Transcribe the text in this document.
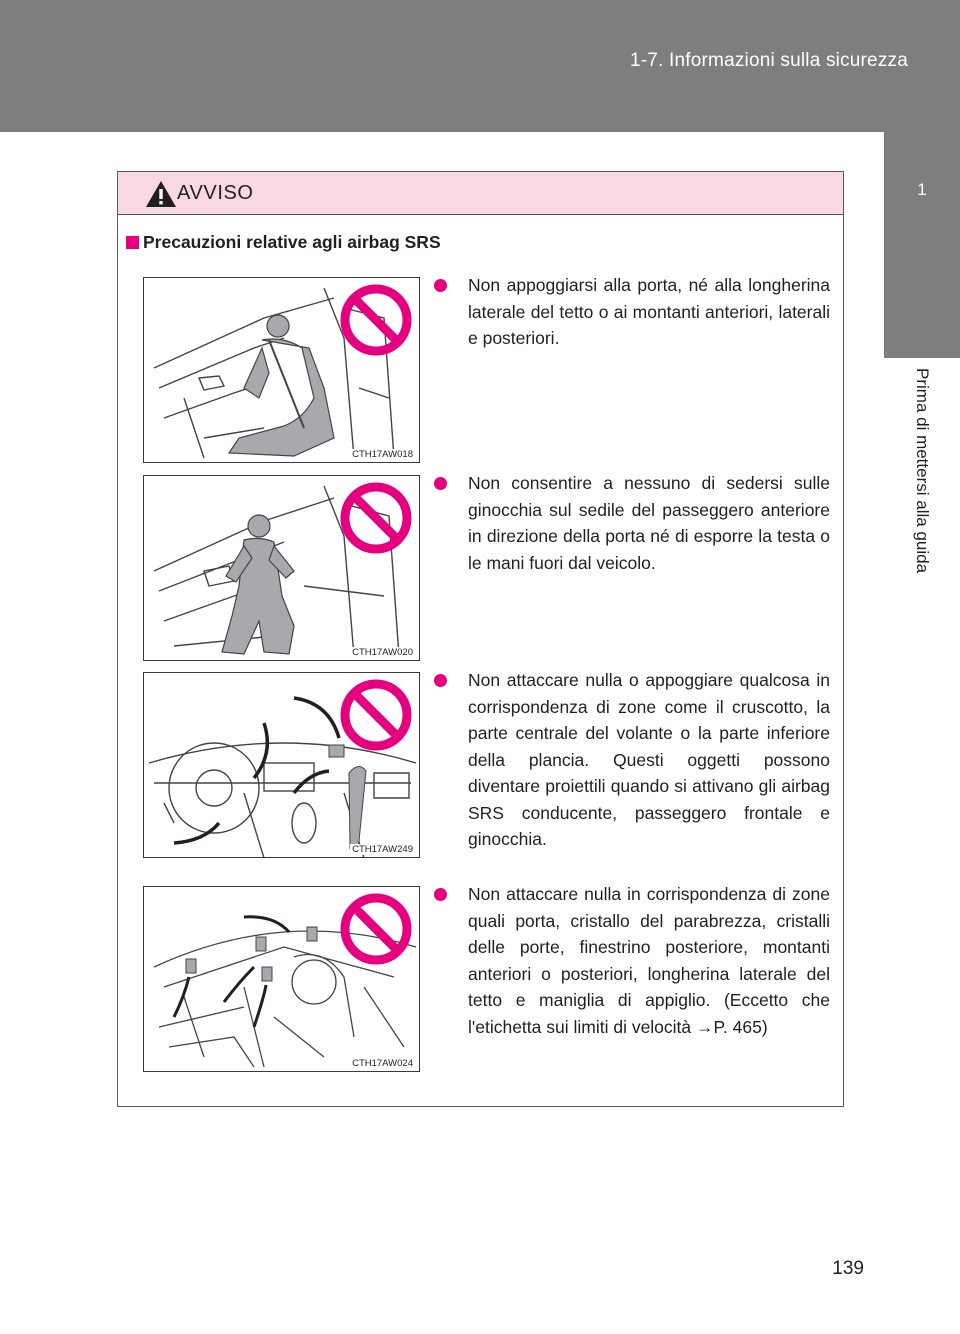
1-7. Informazioni sulla sicurezza
1
Prima di mettersi alla guida
AVVISO
Precauzioni relative agli airbag SRS
CTH17AW018

Non appoggiarsi alla porta, né alla longherina laterale del tetto o ai montanti anteriori, laterali e posteriori.

CTH17AW020

Non consentire a nessuno di sedersi sulle ginocchia sul sedile del passeggero anteriore in direzione della porta né di esporre la testa o le mani fuori dal veicolo.

CTH17AW249

Non attaccare nulla o appoggiare qualcosa in corrispondenza di zone come il cruscotto, la parte centrale del volante o la parte inferiore della plancia. Questi oggetti possono diventare proiettili quando si attivano gli airbag SRS conducente, passeggero frontale e ginocchia.

CTH17AW024

Non attaccare nulla in corrispondenza di zone quali porta, cristallo del parabrezza, cristalli delle porte, finestrino posteriore, montanti anteriori o posteriori, longherina laterale del tetto e maniglia di appiglio. (Eccetto che l'etichetta sui limiti di velocità →P. 465)

139
